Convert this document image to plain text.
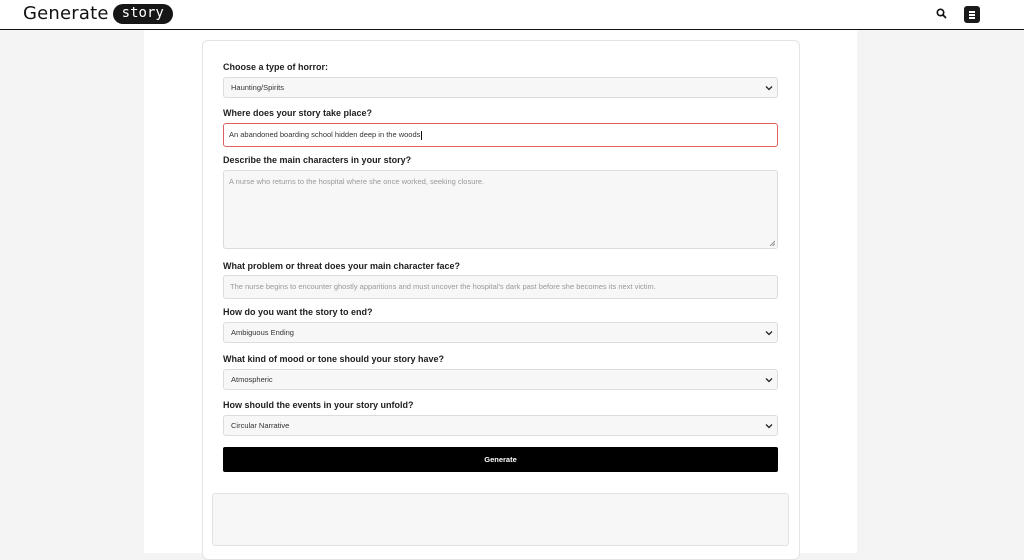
Generate story
Choose a type of horror:
Haunting/Spirits
Where does your story take place?
An abandoned boarding school hidden deep in the woods
Describe the main characters in your story?
A nurse who returns to the hospital where she once worked, seeking closure.
What problem or threat does your main character face?
The nurse begins to encounter ghostly apparitions and must uncover the hospital's dark past before she becomes its next victim.
How do you want the story to end?
Ambiguous Ending
What kind of mood or tone should your story have?
Atmospheric
How should the events in your story unfold?
Circular Narrative
Generate
